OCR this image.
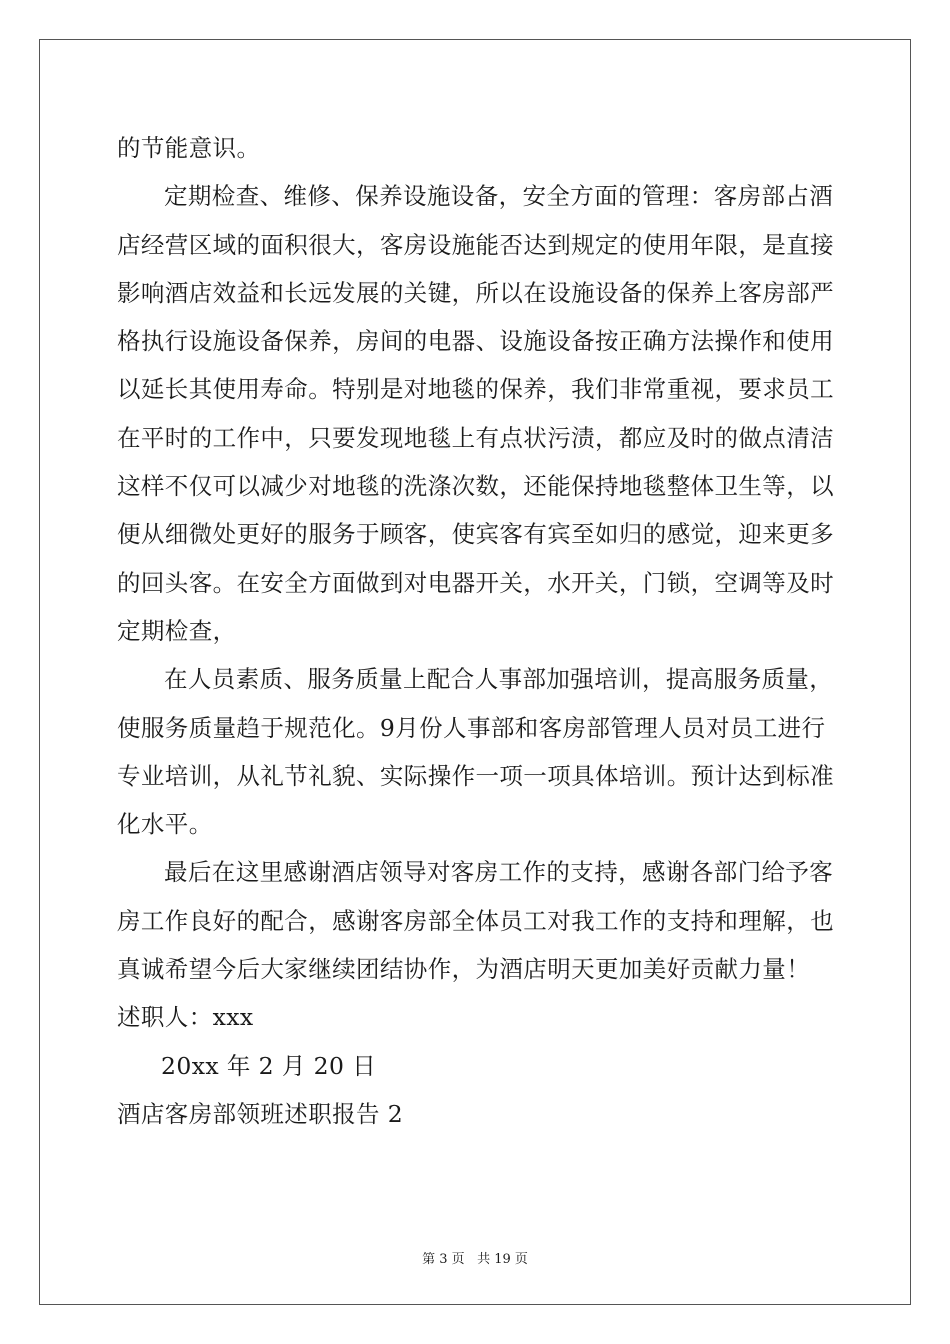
的节能意识。
定期检查、维修、保养设施设备，安全方面的管理：客房部占酒
店经营区域的面积很大，客房设施能否达到规定的使用年限，是直接
影响酒店效益和长远发展的关键，所以在设施设备的保养上客房部严
格执行设施设备保养，房间的电器、设施设备按正确方法操作和使用
以延长其使用寿命。特别是对地毯的保养，我们非常重视，要求员工
在平时的工作中，只要发现地毯上有点状污渍，都应及时的做点清洁
这样不仅可以减少对地毯的洗涤次数，还能保持地毯整体卫生等，以
便从细微处更好的服务于顾客，使宾客有宾至如归的感觉，迎来更多
的回头客。在安全方面做到对电器开关，水开关，门锁，空调等及时
定期检查，
在人员素质、服务质量上配合人事部加强培训，提高服务质量，
使服务质量趋于规范化。9月份人事部和客房部管理人员对员工进行
专业培训，从礼节礼貌、实际操作一项一项具体培训。预计达到标准
化水平。
最后在这里感谢酒店领导对客房工作的支持，感谢各部门给予客
房工作良好的配合，感谢客房部全体员工对我工作的支持和理解，也
真诚希望今后大家继续团结协作，为酒店明天更加美好贡献力量！
述职人：xxx
20xx 年 2 月 20 日
酒店客房部领班述职报告 2
第 3 页 共 19 页
